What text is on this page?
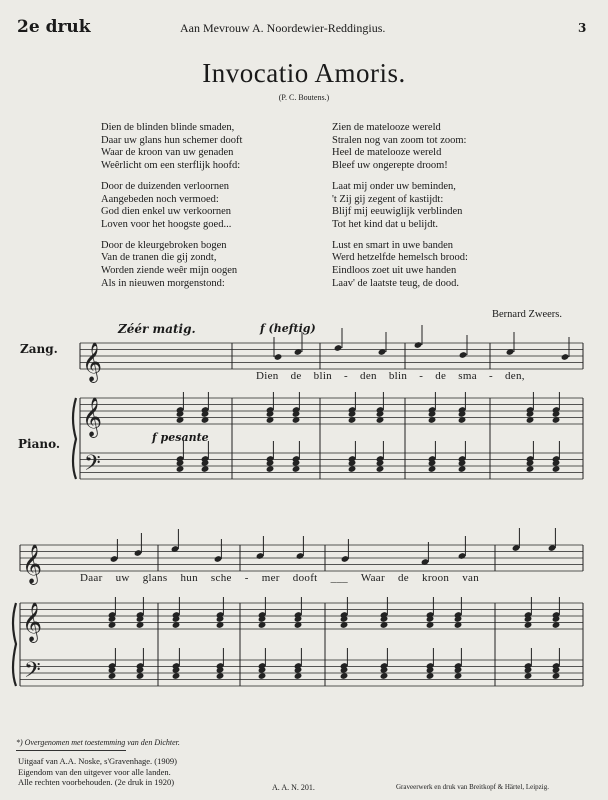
2e druk	Aan Mevrouw A. Noordewier-Reddingius.	3
Invocatio Amoris.
(P. C. Boutens.)
Dien de blinden blinde smaden,
Daar uw glans hun schemer dooft
Waar de kroon van uw genaden
Weêrlicht om een sterflijk hoofd:
Door de duizenden verloornen
Aangebeden noch vermoed:
God dien enkel uw verkoornen
Loven voor het hoogste goed...
Door de kleurgebroken bogen
Van de tranen die gij zondt,
Worden ziende weêr mijn oogen
Als in nieuwen morgenstond:
Zien de matelooze wereld
Stralen nog van zoom tot zoom:
Heel de matelooze wereld
Bleef uw ongerepte droom!
Laat mij onder uw beminden,
't Zij gij zegent of kastijdt:
Blijf mij eeuwiglijk verblinden
Tot het kind dat u belijdt.
Lust en smart in uwe banden
Werd hetzelfde hemelsch brood:
Eindloos zoet uit uwe handen
Laav' de laatste teug, de dood.
Bernard Zweers.
𝄞
𝄞
𝄢
𝄞
𝄞
𝄢
Zéér matig.	f (heftig)
Zang.
Piano.	f pesante
Dien de blin - den blin - de sma - den,
Daar uw glans hun sche - mer dooft ___ Waar de kroon van
*) Overgenomen met toestemming van den Dichter.
Uitgaaf van A.A. Noske, s'Gravenhage. (1909)
Eigendom van den uitgever voor alle landen.
Alle rechten voorbehouden. (2e druk in 1920)
A. A. N. 201.	Graveerwerk en druk van Breitkopf & Härtel, Leipzig.
